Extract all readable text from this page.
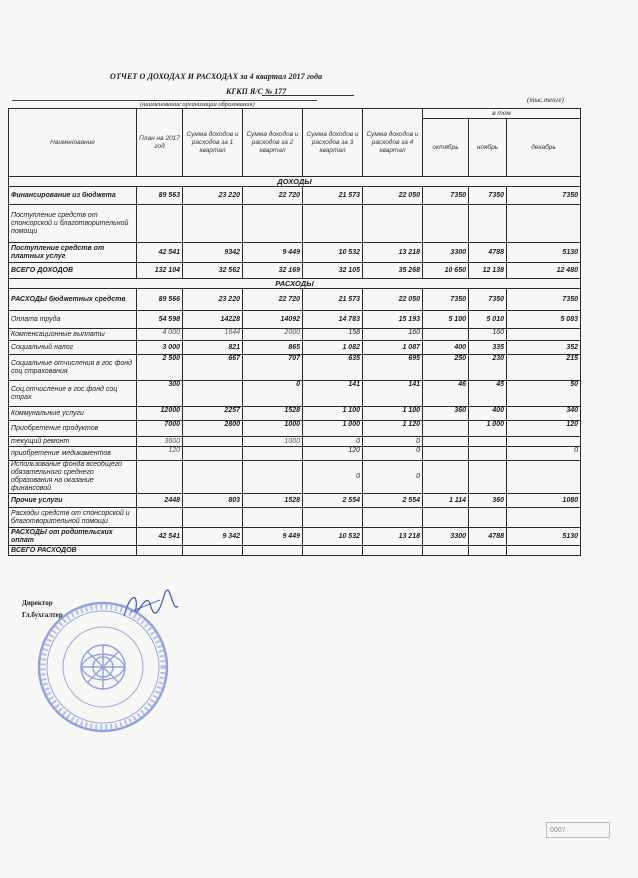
ОТЧЕТ О ДОХОДАХ И РАСХОДАХ за 4 квартал 2017 года
КГКП Я/С № 177
(наименование организации образования)
(тыс.тенге)
Наименование	План на 2017 год	Сумма доходов и расходов за 1 квартал	Сумма доходов и расходов за 2 квартал	Сумма доходов и расходов за 3 квартал	Сумма доходов и расходов за 4 квартал	в том		
						октябрь	ноябрь	декабрь
ДОХОДЫ								
Финансирование из бюджета	89 563	23 220	22 720	21 573	22 050	7350	7350	7350
Поступление средств от спонсорской и благотворительной помощи								
Поступление средств от платных услуг	42 541	9342	9 449	10 532	13 218	3300	4788	5130
ВСЕГО ДОХОДОВ	132 104	32 562	32 169	32 105	35 268	10 650	12 138	12 480
РАСХОДЫ								
РАСХОДЫ бюджетных средств	89 566	23 220	22 720	21 573	22 050	7350	7350	7350
Оплата труда	54 598	14228	14092	14 783	15 193	5 100	5 010	5 083
Компенсационные выплаты	4 000	1644	2000	158	160		160	
Социальный налог	3 000	821	865	1 082	1 087	400	335	352
Социальные отчисления в гос фонд соц страхования	2 500	667	707	635	695	250	230	215
Соц.отчисление в гос.фонд соц страх	300		0	141	141	46	45	50
Коммунальные услуги	12000	2257	1528	1 100	1 100	360	400	340
Приобретение продуктов	7000	2800	1000	1 000	1 120		1 000	120
текущий ремонт	3600		1000	0	0			
приобретение медикаментов	120			120	0			0
Использование фонда всеобщего обязательного среднего образования на оказание финансовой				0	0			
Прочие услуги	2448	803	1528	2 554	2 554	1 114	360	1080
Расходы средств от спонсорской и благотворительной помощи								
РАСХОДЫ от родительских оплат	42 541	9 342	9 449	10 532	13 218	3300	4788	5130
ВСЕГО РАСХОДОВ								
Директор
Гл.бухгалтер
0007
